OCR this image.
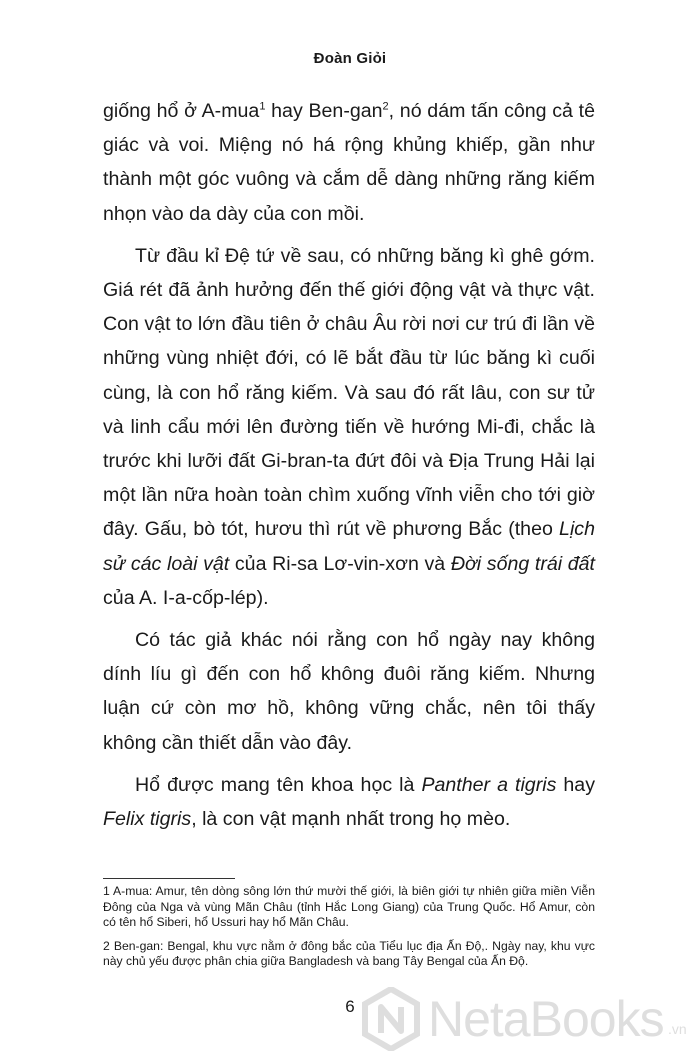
Đoàn Giỏi

giống hổ ở A-mua$^1$ hay Ben-gan$^2$, nó dám tấn công cả tê giác và voi. Miệng nó há rộng khủng khiếp, gần như thành một góc vuông và cắm dễ dàng những răng kiếm nhọn vào da dày của con mồi.

Từ đầu kỉ Đệ tứ về sau, có những băng kì ghê gớm. Giá rét đã ảnh hưởng đến thế giới động vật và thực vật. Con vật to lớn đầu tiên ở châu Âu rời nơi cư trú đi lần về những vùng nhiệt đới, có lẽ bắt đầu từ lúc băng kì cuối cùng, là con hổ răng kiếm. Và sau đó rất lâu, con sư tử và linh cẩu mới lên đường tiến về hướng Mi-đi, chắc là trước khi lưỡi đất Gi-bran-ta đứt đôi và Địa Trung Hải lại một lần nữa hoàn toàn chìm xuống vĩnh viễn cho tới giờ đây. Gấu, bò tót, hươu thì rút về phương Bắc (theo Lịch sử các loài vật của Ri-sa Lơ-vin-xơn và Đời sống trái đất của A. I-a-cốp-lép).

Có tác giả khác nói rằng con hổ ngày nay không dính líu gì đến con hổ không đuôi răng kiếm. Nhưng luận cứ còn mơ hồ, không vững chắc, nên tôi thấy không cần thiết dẫn vào đây.

Hổ được mang tên khoa học là Panther a tigris hay Felix tigris, là con vật mạnh nhất trong họ mèo.

1 A-mua: Amur, tên dòng sông lớn thứ mười thế giới, là biên giới tự nhiên giữa miền Viễn Đông của Nga và vùng Mãn Châu (tỉnh Hắc Long Giang) của Trung Quốc. Hổ Amur, còn có tên hổ Siberi, hổ Ussuri hay hổ Mãn Châu.

2 Ben-gan: Bengal, khu vực nằm ở đông bắc của Tiểu lục địa Ấn Độ,. Ngày nay, khu vực này chủ yếu được phân chia giữa Bangladesh và bang Tây Bengal của Ấn Độ.

6	NetaBooks .vn
